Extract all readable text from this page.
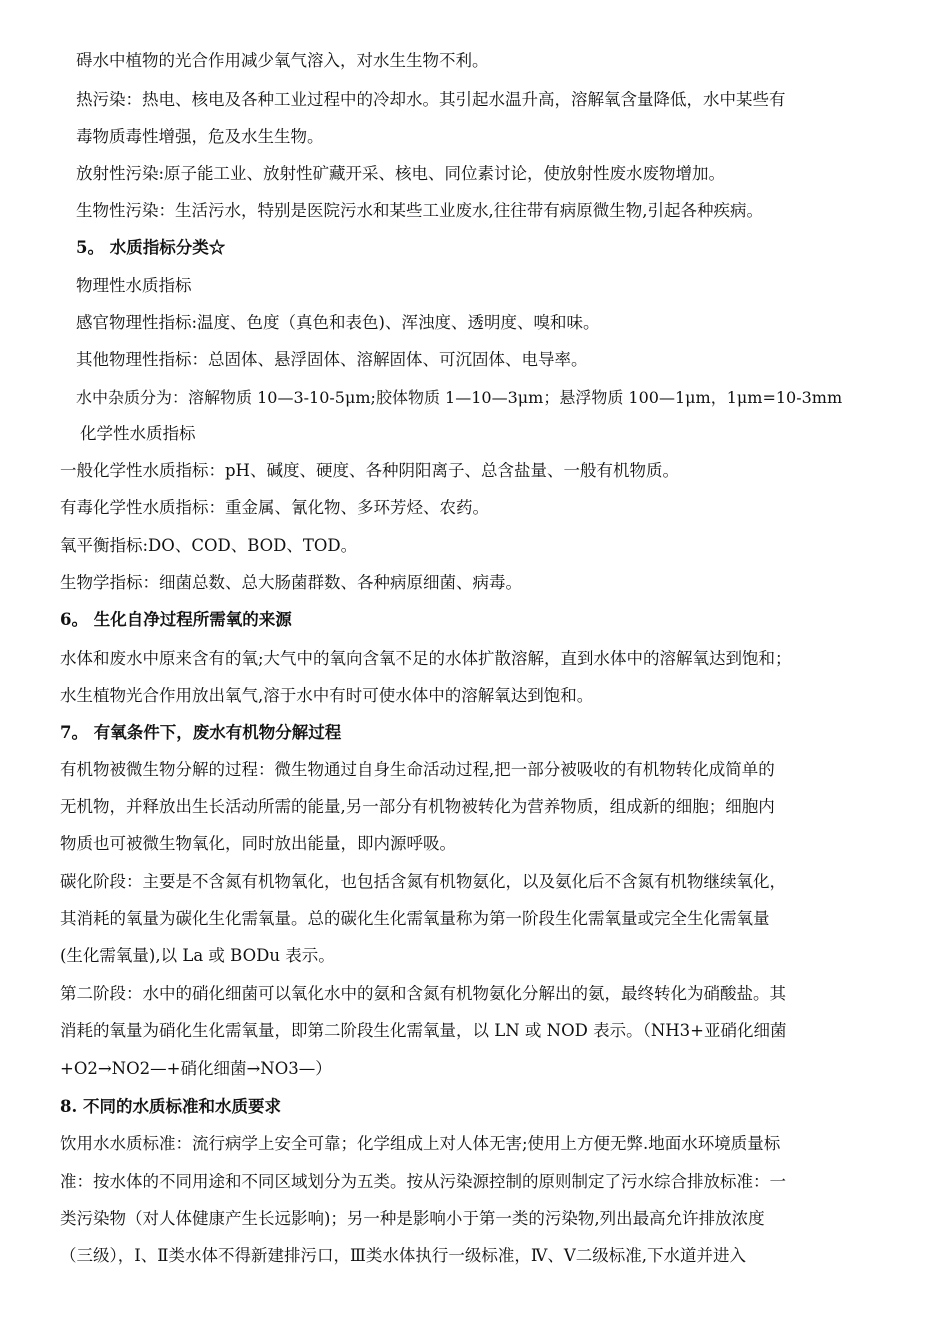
碍水中植物的光合作用减少氧气溶入，对水生生物不利。
热污染：热电、核电及各种工业过程中的冷却水。其引起水温升高，溶解氧含量降低，水中某些有
毒物质毒性增强，危及水生生物。
放射性污染:原子能工业、放射性矿藏开采、核电、同位素讨论，使放射性废水废物增加。
生物性污染：生活污水，特别是医院污水和某些工业废水,往往带有病原微生物,引起各种疾病。
5。 水质指标分类☆
物理性水质指标
感官物理性指标:温度、色度（真色和表色)、浑浊度、透明度、嗅和味。
其他物理性指标：总固体、悬浮固体、溶解固体、可沉固体、电导率。
水中杂质分为：溶解物质 10—3-10-5μm;胶体物质 1—10—3μm；悬浮物质 100—1μm，1μm=10-3mm
化学性水质指标
一般化学性水质指标：pH、碱度、硬度、各种阴阳离子、总含盐量、一般有机物质。
有毒化学性水质指标：重金属、氰化物、多环芳烃、农药。
氧平衡指标:DO、COD、BOD、TOD。
生物学指标：细菌总数、总大肠菌群数、各种病原细菌、病毒。
6。 生化自净过程所需氧的来源
水体和废水中原来含有的氧;大气中的氧向含氧不足的水体扩散溶解，直到水体中的溶解氧达到饱和；
水生植物光合作用放出氧气,溶于水中有时可使水体中的溶解氧达到饱和。
7。 有氧条件下，废水有机物分解过程
有机物被微生物分解的过程：微生物通过自身生命活动过程,把一部分被吸收的有机物转化成简单的
无机物，并释放出生长活动所需的能量,另一部分有机物被转化为营养物质，组成新的细胞；细胞内
物质也可被微生物氧化，同时放出能量，即内源呼吸。
碳化阶段：主要是不含氮有机物氧化，也包括含氮有机物氨化，以及氨化后不含氮有机物继续氧化，
其消耗的氧量为碳化生化需氧量。总的碳化生化需氧量称为第一阶段生化需氧量或完全生化需氧量
(生化需氧量),以 La 或 BODu 表示。
第二阶段：水中的硝化细菌可以氧化水中的氨和含氮有机物氨化分解出的氨，最终转化为硝酸盐。其
消耗的氧量为硝化生化需氧量，即第二阶段生化需氧量，以 LN 或 NOD 表示。（NH3+亚硝化细菌
+O2→NO2—+硝化细菌→NO3—）
8. 不同的水质标准和水质要求
饮用水水质标准：流行病学上安全可靠；化学组成上对人体无害;使用上方便无弊.地面水环境质量标
准：按水体的不同用途和不同区域划分为五类。按从污染源控制的原则制定了污水综合排放标准：一
类污染物（对人体健康产生长远影响)；另一种是影响小于第一类的污染物,列出最高允许排放浓度
（三级），Ⅰ、Ⅱ类水体不得新建排污口，Ⅲ类水体执行一级标准，Ⅳ、Ⅴ二级标准,下水道并进入
